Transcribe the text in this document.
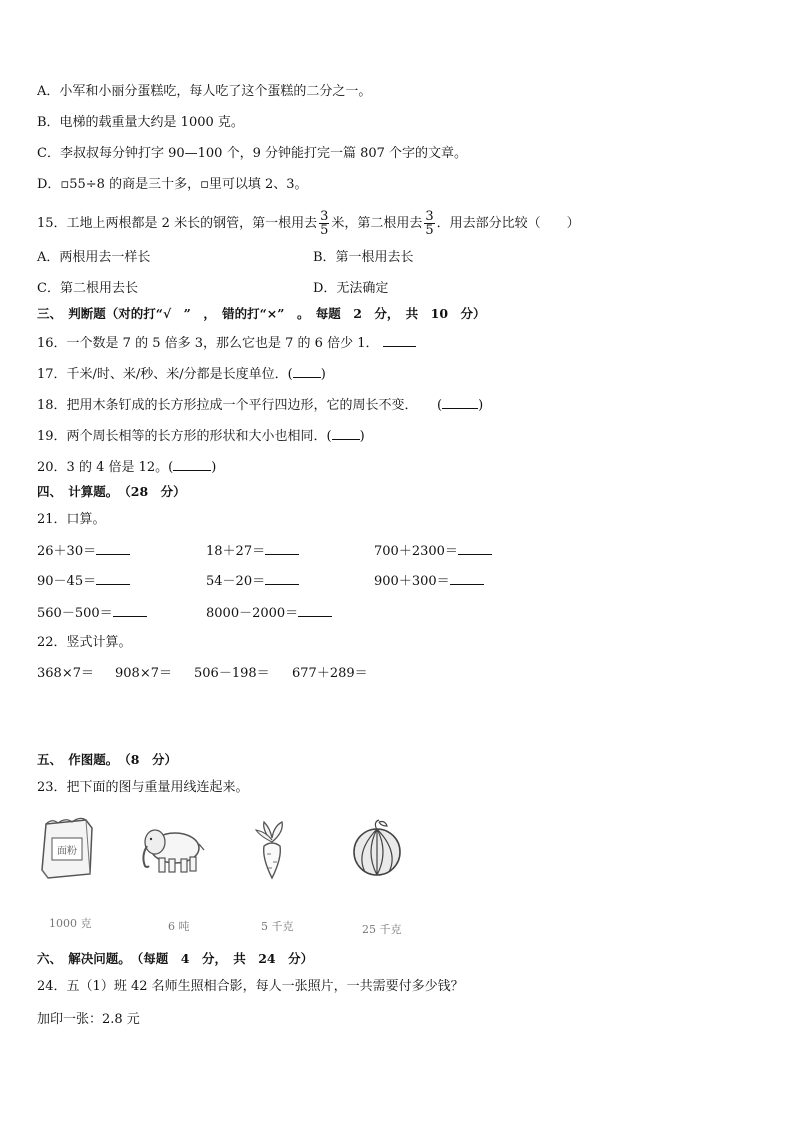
A．小军和小丽分蛋糕吃，每人吃了这个蛋糕的二分之一。
B．电梯的载重量大约是 1000 克。
C．李叔叔每分钟打字 90—100 个，9 分钟能打完一篇 807 个字的文章。
D．▫55÷8 的商是三十多，▫里可以填 2、3。
15．工地上两根都是 2 米长的钢管，第一根用去 $\frac{3}{5}$ 米，第二根用去 $\frac{3}{5}$ ．用去部分比较（　　）
A．两根用去一样长	B．第一根用去长
C．第二根用去长	D．无法确定
三、　判断题（对的打“√　”　，　错的打“×”　。　每题　2　分，　共　10　分）
16．一个数是 7 的 5 倍多 3，那么它也是 7 的 6 倍少 1．
17．千米/时、米/秒、米/分都是长度单位．( )
18．把用木条钉成的长方形拉成一个平行四边形，它的周长不变．　　(	)
19．两个周长相等的长方形的形状和大小也相同．( )
20．3 的 4 倍是 12。(	)
四、　计算题。　（28　分）
21．口算。
26＋30＝	18＋27＝	700＋2300＝
90－45＝	54－20＝	900＋300＝
560－500＝	8000－2000＝
22．竖式计算。
368×7＝ 908×7＝ 506－198＝ 677＋289＝
五、　作图题。　（8　分）
23．把下面的图与重量用线连起来。
面粉
1000 克	6 吨	5 千克	25 千克
六、　解决问题。　（每题　4　分，　共　24　分）
24．五（1）班 42 名师生照相合影，每人一张照片，一共需要付多少钱？
加印一张：2.8 元
